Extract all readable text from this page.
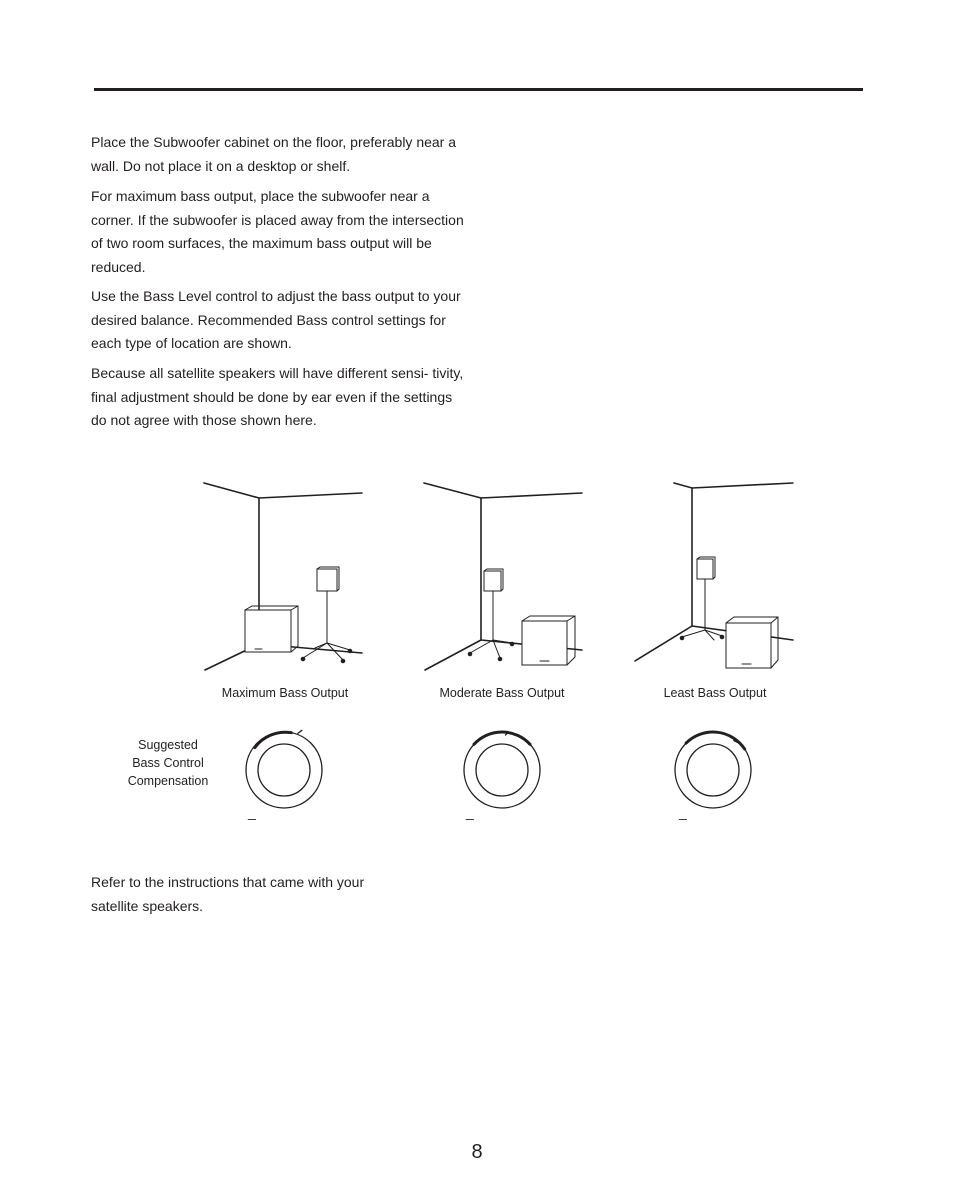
Place the Subwoofer cabinet on the floor, preferably near a wall. Do not place it on a desktop or shelf.

For maximum bass output, place the subwoofer near a corner. If the subwoofer is placed away from the intersection of two room surfaces, the maximum bass output will be reduced.

Use the Bass Level control to adjust the bass output to your desired balance. Recommended Bass control settings for each type of location are shown.

Because all satellite speakers will have different sensi- tivity, final adjustment should be done by ear even if the settings do not agree with those shown here.

_	_	_
Maximum Bass Output	Moderate Bass Output	Least Bass Output
Suggested
Bass Control
Compensation

Refer to the instructions that came with your satellite speakers.

8
